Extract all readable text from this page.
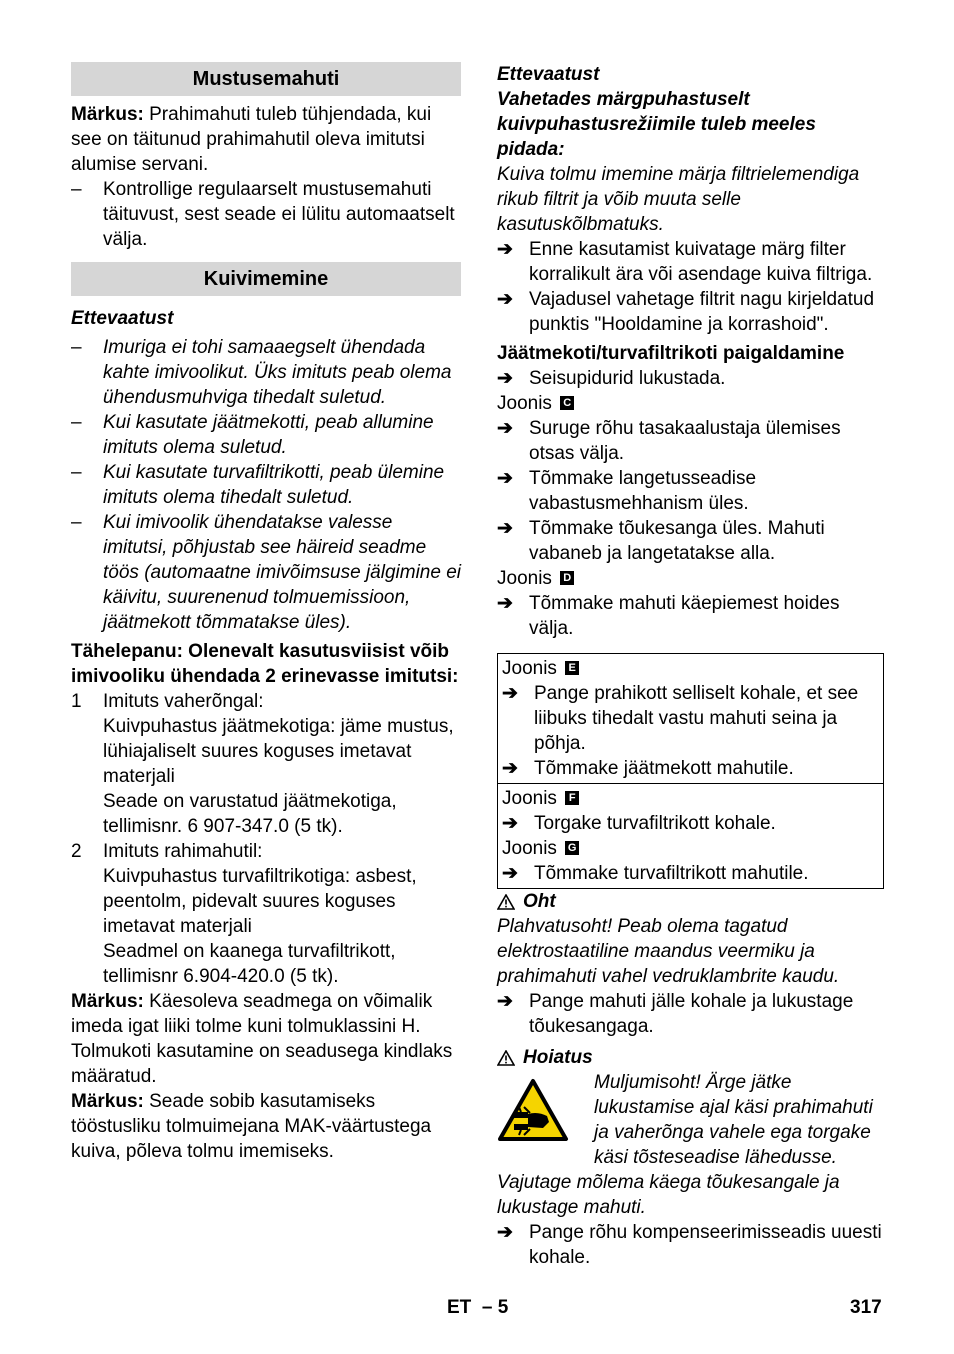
Mustusemahuti

Märkus: Prahimahuti tuleb tühjendada, kui see on täitunud prahimahutil oleva imitutsi alumise servani.

–	Kontrollige regulaarselt mustusemahuti täituvust, sest seade ei lülitu automaatselt välja.
Kuivimemine

Ettevaatust

–	Imuriga ei tohi samaaegselt ühendada kahte imivoolikut. Üks imituts peab olema ühendusmuhviga tihedalt suletud.
–	Kui kasutate jäätmekotti, peab allumine imituts olema suletud.
–	Kui kasutate turvafiltrikotti, peab ülemine imituts olema tihedalt suletud.
–	Kui imivoolik ühendatakse valesse imitutsi, põhjustab see häireid seadme töös (automaatne imivõimsuse jälgimine ei käivitu, suurenenud tolmuemissioon, jäätmekott tõmmatakse üles).

Tähelepanu: Olenevalt kasutusviisist võib imivooliku ühendada 2 erinevasse imitutsi:

1	Imituts vaherõngal:

Kuivpuhastus jäätmekotiga: jäme mustus, lühiajaliselt suures koguses imetavat materjali

Seade on varustatud jäätmekotiga, tellimisnr. 6 907-347.0 (5 tk).

2	Imituts rahimahutil:

Kuivpuhastus turvafiltrikotiga: asbest, peentolm, pidevalt suures koguses imetavat materjali

Seadmel on kaanega turvafiltrikott, tellimisnr 6.904-420.0 (5 tk).

Märkus: Käesoleva seadmega on võimalik imeda igat liiki tolme kuni tolmuklassini H. Tolmukoti kasutamine on seadusega kindlaks määratud.

Märkus: Seade sobib kasutamiseks tööstusliku tolmuimejana MAK-väärtustega kuiva, põleva tolmu imemiseks.

Ettevaatust

Vahetades märgpuhastuselt kuivpuhastusrežiimile tuleb meeles pidada:

Kuiva tolmu imemine märja filtrielemendiga rikub filtrit ja võib muuta selle kasutuskõlbmatuks.

➔ Enne kasutamist kuivatage märg filter korralikult ära või asendage kuiva filtriga.
➔ Vajadusel vahetage filtrit nagu kirjeldatud punktis "Hooldamine ja korrashoid".

Jäätmekoti/turvafiltrikoti paigaldamine

➔ Seisupidurid lukustada.

Joonis C

➔ Suruge rõhu tasakaalustaja ülemises otsas välja.
➔ Tõmmake langetusseadise vabastusmehhanism üles.
➔ Tõmmake tõukesanga üles. Mahuti vabaneb ja langetatakse alla.

Joonis D

➔ Tõmmake mahuti käepiemest hoides välja.

Joonis E

➔ Pange prahikott selliselt kohale, et see liibuks tihedalt vastu mahuti seina ja põhja.
➔ Tõmmake jäätmekott mahutile.

Joonis F

➔ Torgake turvafiltrikott kohale.

Joonis G

➔ Tõmmake turvafiltrikott mahutile.
Oht

Plahvatusoht! Peab olema tagatud elektrostaatiline maandus veermiku ja prahimahuti vahel vedruklambrite kaudu.

➔ Pange mahuti jälle kohale ja lukustage tõukesangaga.
Hoiatus

Muljumisoht! Ärge jätke lukustamise ajal käsi prahimahuti ja vaherõnga vahele ega torgake käsi tõsteseadise lähedusse.

Vajutage mõlema käega tõukesangale ja lukustage mahuti.

➔ Pange rõhu kompenseerimisseadis uuesti kohale.
ET – 5	317
